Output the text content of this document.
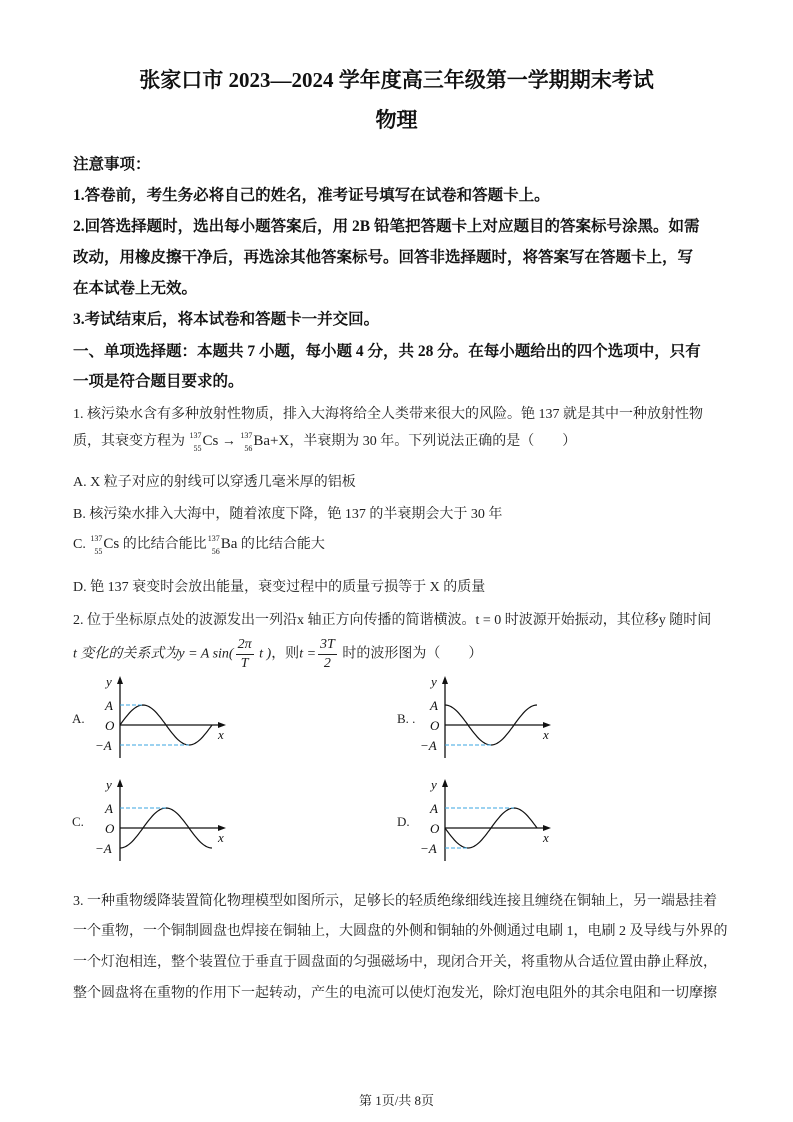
张家口市 2023—2024 学年度高三年级第一学期期末考试
物理
注意事项：
1.答卷前，考生务必将自己的姓名，准考证号填写在试卷和答题卡上。
2.回答选择题时，选出每小题答案后，用 2B 铅笔把答题卡上对应题目的答案标号涂黑。如需
改动，用橡皮擦干净后，再选涂其他答案标号。回答非选择题时，将答案写在答题卡上，写
在本试卷上无效。
3.考试结束后，将本试卷和答题卡一并交回。
一、单项选择题：本题共 7 小题，每小题 4 分，共 28 分。在每小题给出的四个选项中，只有
一项是符合题目要求的。
1. 核污染水含有多种放射性物质，排入大海将给全人类带来很大的风险。铯 137 就是其中一种放射性物
质，其衰变方程为 137
55 Cs → 137
56 Ba+X，半衰期为 30 年。下列说法正确的是（　　）
A. X 粒子对应的射线可以穿透几毫米厚的铝板
B. 核污染水排入大海中，随着浓度下降，铯 137 的半衰期会大于 30 年
C. 137
55 Cs 的比结合能比 137
56 Ba 的比结合能大
D. 铯 137 衰变时会放出能量，衰变过程中的质量亏损等于 X 的质量
2. 位于坐标原点处的波源发出一列沿x 轴正方向传播的简谐横波。t = 0 时波源开始振动，其位移y 随时间
t 变化的关系式为y = A $\sin( \frac{2\pi}{T}$ t )，则$t = \frac{3T}{2}$ 时的波形图为（　　）
y
x
A
O
−A
A.
y
x
A
O
−A
B. .
y
x
A
O
−A
C.
y
x
A
O
−A
D.
3. 一种重物缓降装置简化物理模型如图所示，足够长的轻质绝缘细线连接且缠绕在铜轴上，另一端悬挂着
一个重物，一个铜制圆盘也焊接在铜轴上，大圆盘的外侧和铜轴的外侧通过电刷 1，电刷 2 及导线与外界的
一个灯泡相连，整个装置位于垂直于圆盘面的匀强磁场中，现闭合开关，将重物从合适位置由静止释放，
整个圆盘将在重物的作用下一起转动，产生的电流可以使灯泡发光，除灯泡电阻外的其余电阻和一切摩擦
第 1页/共 8页
